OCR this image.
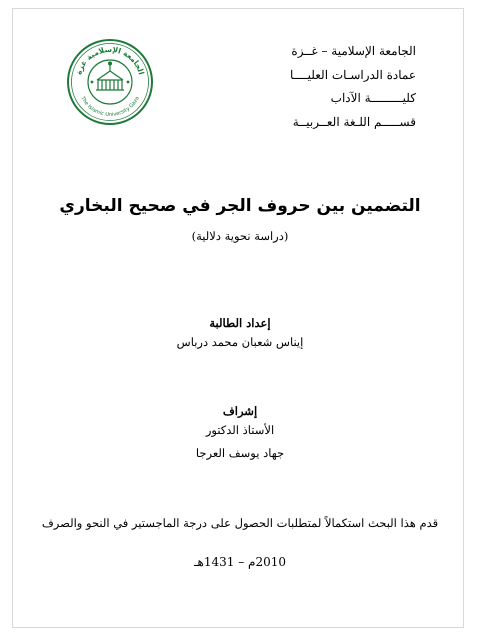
الجامعة الإسلامية – غــزة
عمادة الدراسـات العليــــا
كليـــــــــة الآداب
قســـــم اللـغة العــربيــة
الجامعة الإسلامية غزة
The Islamic University Gaza
التضمين بين حروف الجر في صحيح البخاري
(دراسة نحوية دلالية)
إعداد الطالبة
إيناس شعبان محمد درباس
إشراف
الأستاذ الدكتور
جهاد يوسف العرجا
قدم هذا البحث استكمالاً لمتطلبات الحصول على درجة الماجستير في النحو والصرف
2010م – 1431هـ
